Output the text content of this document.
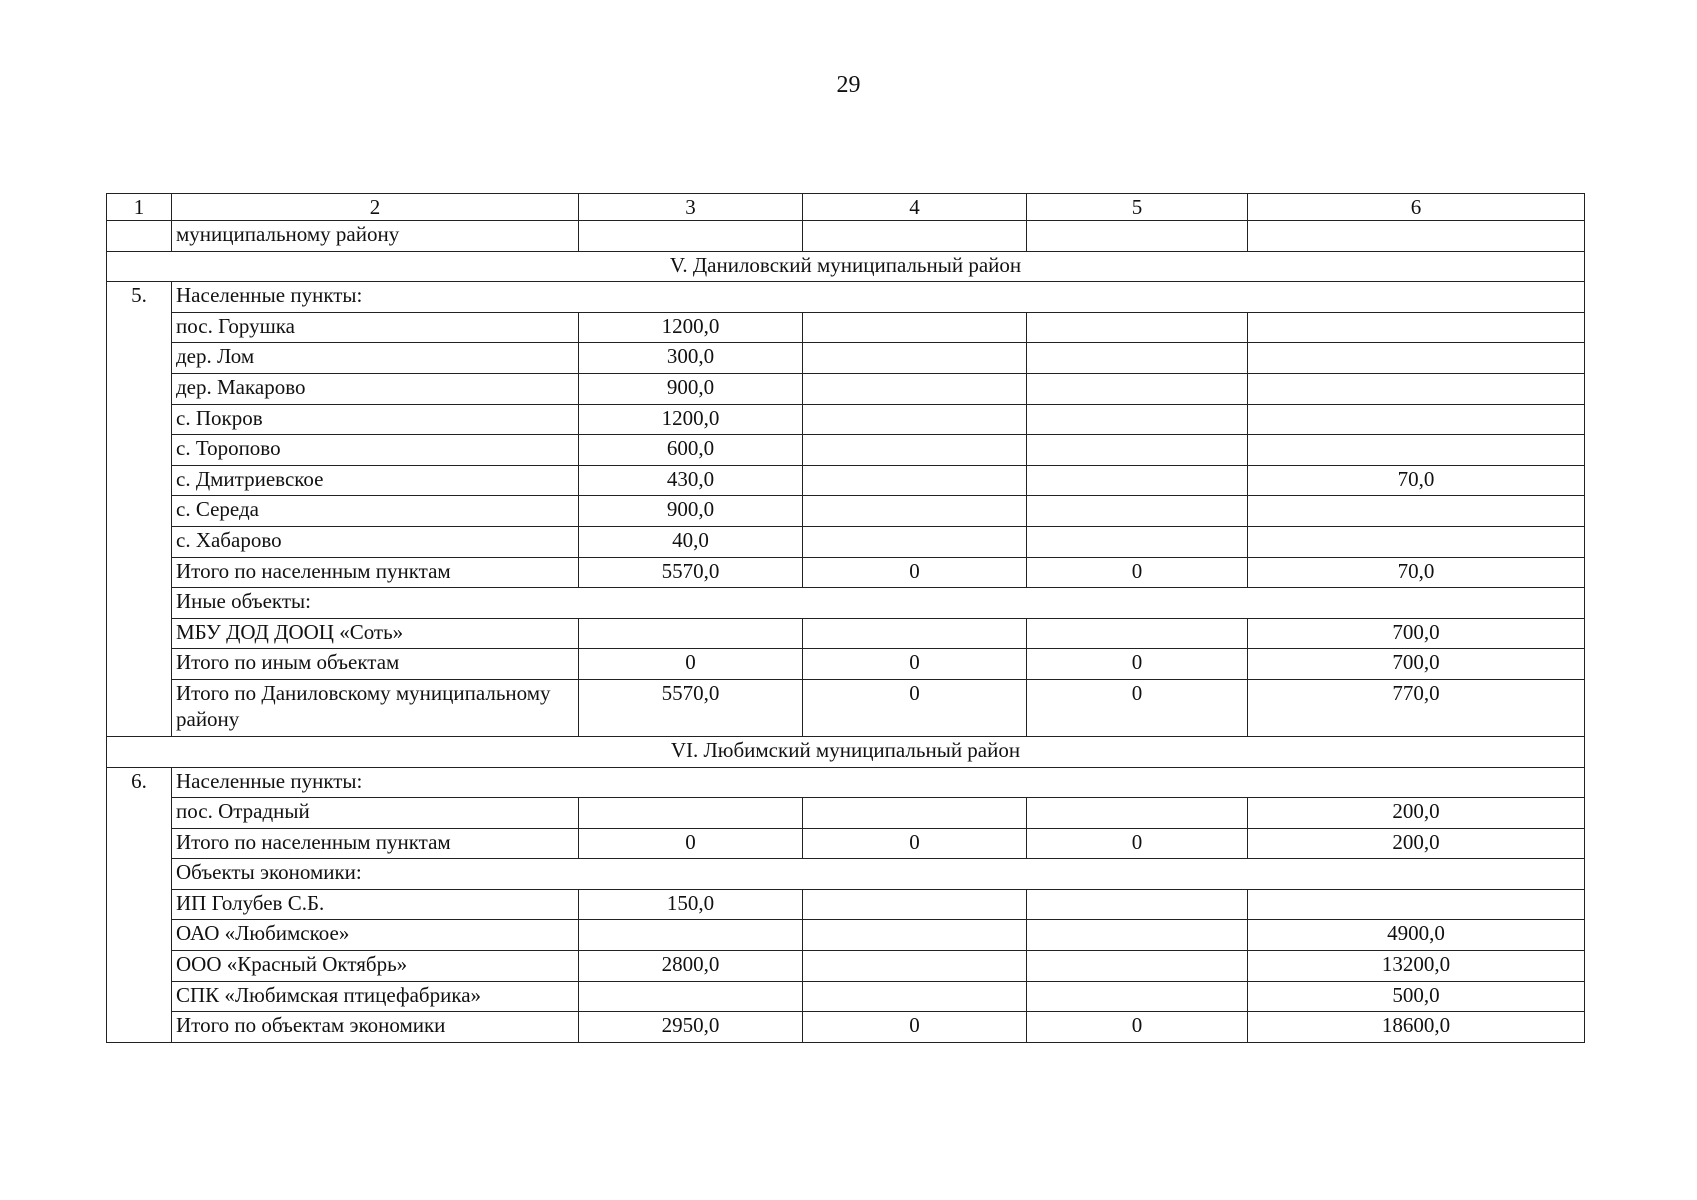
29
1	2	3	4	5	6
	муниципальному району				
V. Даниловский муниципальный район					
5.	Населенные пункты:				
	пос. Горушка	1200,0			
	дер. Лом	300,0			
	дер. Макарово	900,0			
	с. Покров	1200,0			
	с. Торопово	600,0			
	с. Дмитриевское	430,0			70,0
	с. Середа	900,0			
	с. Хабарово	40,0			
	Итого по населенным пунктам	5570,0	0	0	70,0
	Иные объекты:				
	МБУ ДОД ДООЦ «Соть»				700,0
	Итого по иным объектам	0	0	0	700,0
	Итого по Даниловскому муниципальному району	5570,0	0	0	770,0
VI. Любимский муниципальный район					
6.	Населенные пункты:				
	пос. Отрадный				200,0
	Итого по населенным пунктам	0	0	0	200,0
	Объекты экономики:				
	ИП Голубев С.Б.	150,0			
	ОАО «Любимское»				4900,0
	ООО «Красный Октябрь»	2800,0			13200,0
	СПК «Любимская птицефабрика»				500,0
	Итого по объектам экономики	2950,0	0	0	18600,0
